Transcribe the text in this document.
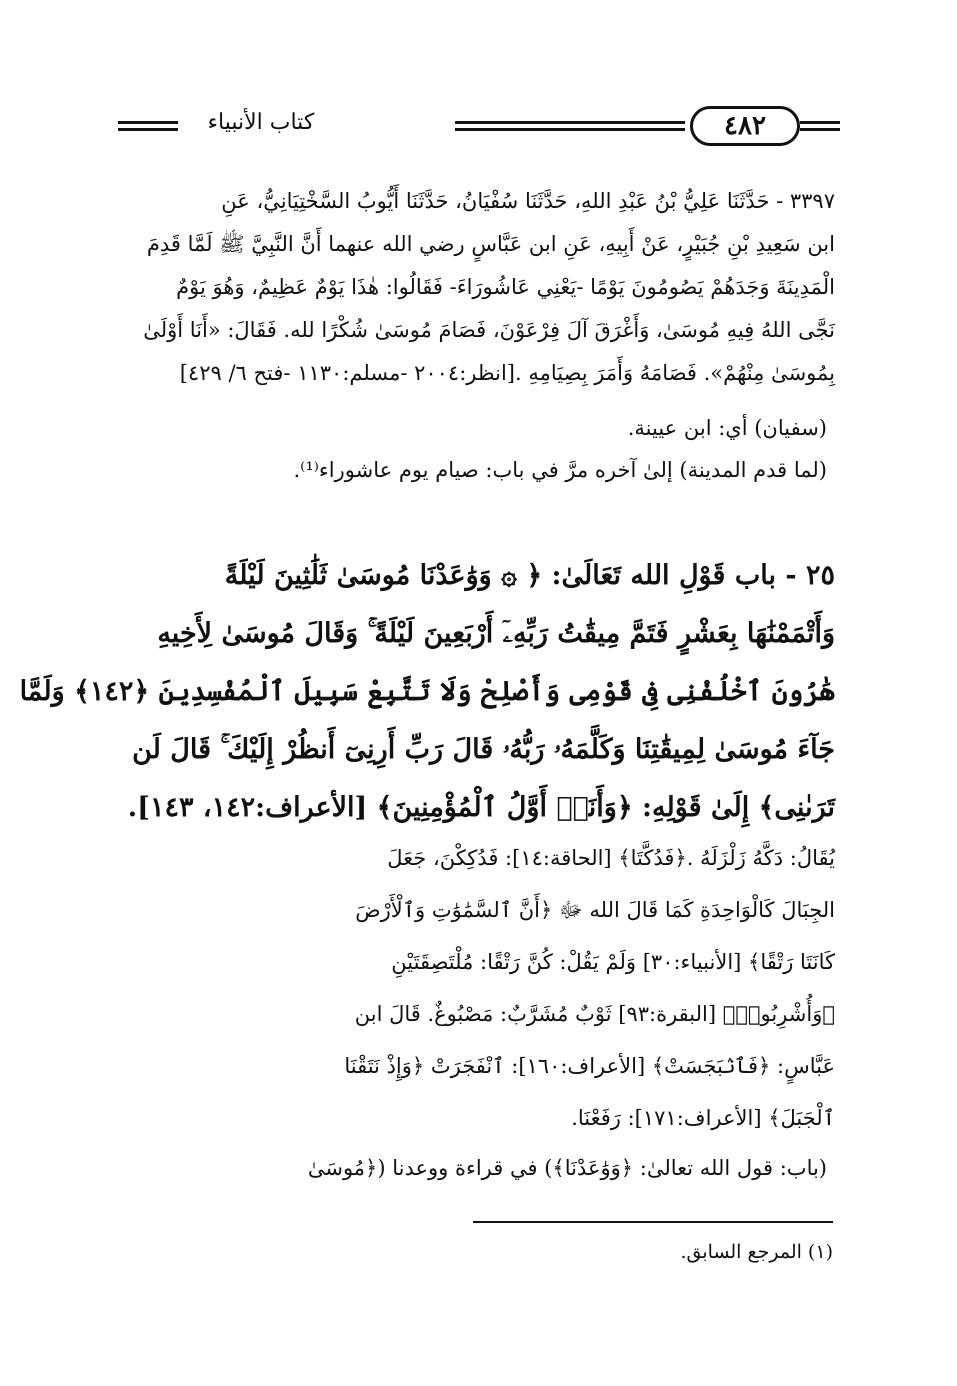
٤٨٢
كتاب الأنبياء
٣٣٩٧ - حَدَّثَنَا عَلِيُّ بْنُ عَبْدِ اللهِ، حَدَّثَنَا سُفْيَانُ، حَدَّثَنَا أَيُّوبُ السَّخْتِيَانِيُّ، عَنِ
ابن سَعِيدِ بْنِ جُبَيْرٍ، عَنْ أَبِيهِ، عَنِ ابن عَبَّاسٍ رضي الله عنهما أَنَّ النَّبِيَّ ﷺ لَمَّا قَدِمَ
الْمَدِينَةَ وَجَدَهُمْ يَصُومُونَ يَوْمًا -يَعْنِي عَاشُورَاءَ- فَقَالُوا: هٰذَا يَوْمٌ عَظِيمٌ، وَهُوَ يَوْمٌ
نَجَّى اللهُ فِيهِ مُوسَىٰ، وَأَغْرَقَ آلَ فِرْعَوْنَ، فَصَامَ مُوسَىٰ شُكْرًا لله. فَقَالَ: «أَنَا أَوْلَىٰ
بِمُوسَىٰ مِنْهُمْ». فَصَامَهُ وَأَمَرَ بِصِيَامِهِ .[انظر:٢٠٠٤ -مسلم:١١٣٠ -فتح ٦/ ٤٢٩]
(سفيان) أي: ابن عيينة.
(لما قدم المدينة) إلىٰ آخره مرَّ في باب: صيام يوم عاشوراء⁽¹⁾.
٢٥ - باب قَوْلِ الله تَعَالَىٰ: ﴿ ۞ وَوَٰعَدْنَا مُوسَىٰ ثَلَٰثِينَ لَيْلَةً
وَأَتْمَمْنَٰهَا بِعَشْرٍ فَتَمَّ مِيقَٰتُ رَبِّهِۦٓ أَرْبَعِينَ لَيْلَةً ۚ وَقَالَ مُوسَىٰ لِأَخِيهِ
هَٰرُونَ ٱخْلُفْنِى فِى قَوْمِى وَأَصْلِحْ وَلَا تَتَّبِعْ سَبِيلَ ٱلْمُفْسِدِينَ ﴿١٤٢﴾ وَلَمَّا
جَآءَ مُوسَىٰ لِمِيقَٰتِنَا وَكَلَّمَهُۥ رَبُّهُۥ قَالَ رَبِّ أَرِنِىٓ أَنظُرْ إِلَيْكَ ۚ قَالَ لَن
تَرَىٰنِى﴾ إِلَىٰ قَوْلِهِ: ﴿وَأَنَا۠ أَوَّلُ ٱلْمُؤْمِنِينَ﴾ [الأعراف:١٤٢، ١٤٣].
يُقَالُ: دَكَّهُ زَلْزَلَهُ .﴿فَدُكَّتَا﴾ [الحاقة:١٤]: فَدُكِكْنَ، جَعَلَ
الجِبَالَ كَالْوَاحِدَةِ كَمَا قَالَ الله ﷻ ﴿أَنَّ ٱلسَّمَٰوَٰتِ وَٱلْأَرْضَ
كَانَتَا رَتْقًا﴾ [الأنبياء:٣٠] وَلَمْ يَقُلْ: كُنَّ رَتْقًا: مُلْتَصِقَتَيْنِ
﴿وَأُشْرِبُوا۟﴾ [البقرة:٩٣] ثَوْبٌ مُشَرَّبٌ: مَصْبُوغٌ. قَالَ ابن
عَبَّاسٍ: ﴿فَٱنۢبَجَسَتْ﴾ [الأعراف:١٦٠]: ٱنْفَجَرَتْ ﴿وَإِذْ نَتَقْنَا
ٱلْجَبَلَ﴾ [الأعراف:١٧١]: رَفَعْنَا.
(باب: قول الله تعالىٰ: ﴿وَوَٰعَدْنَا﴾) في قراءة ووعدنا (﴿مُوسَىٰ
(١) المرجع السابق.
